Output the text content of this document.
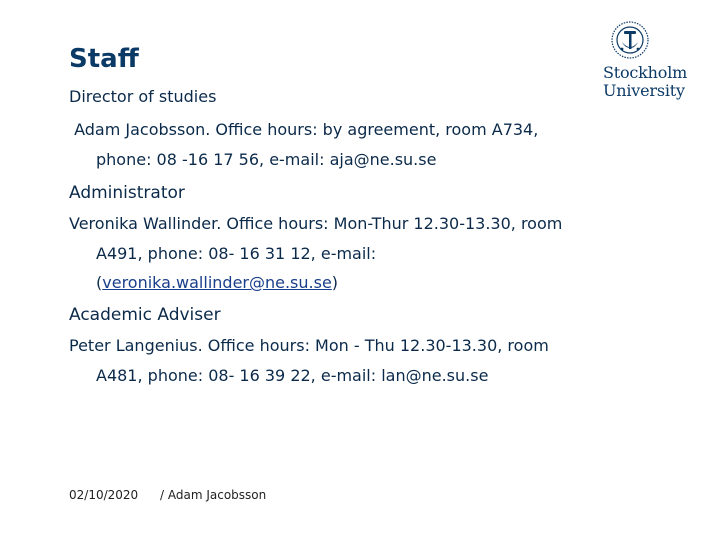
Staff
Director of studies
Adam Jacobsson. Office hours: by agreement, room A734,
phone: 08 -16 17 56, e-mail: aja@ne.su.se
Administrator
Veronika Wallinder. Office hours: Mon-Thur 12.30-13.30, room
A491, phone: 08- 16 31 12, e-mail:
(veronika.wallinder@ne.su.se)
Academic Adviser
Peter Langenius. Office hours: Mon - Thu 12.30-13.30, room
A481, phone: 08- 16 39 22, e-mail: lan@ne.su.se
02/10/2020 / Adam Jacobsson
Stockholm
University
